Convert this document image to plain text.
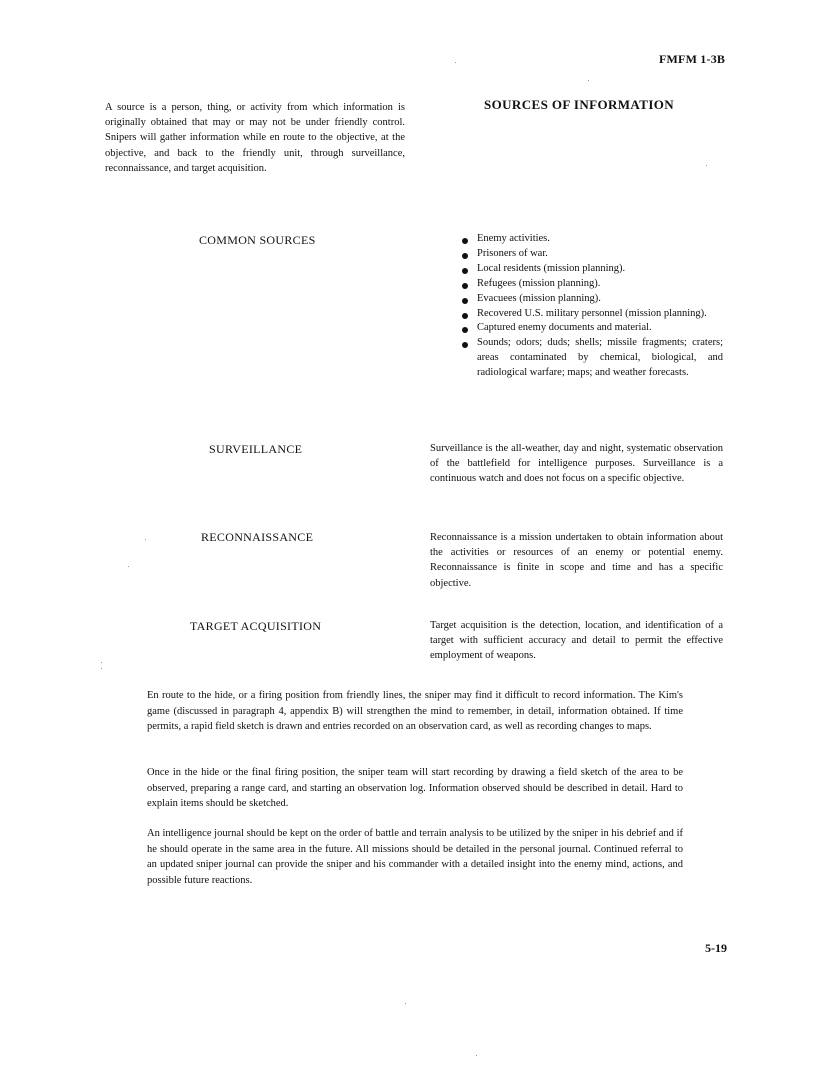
FMFM 1-3B
SOURCES OF INFORMATION

A source is a person, thing, or activity from which information is originally obtained that may or may not be under friendly control. Snipers will gather information while en route to the objective, at the objective, and back to the friendly unit, through surveillance, reconnaissance, and target acquisition.

COMMON SOURCES	Enemy activities.
Prisoners of war.
Local residents (mission planning).
Refugees (mission planning).
Evacuees (mission planning).
Recovered U.S. military personnel (mission planning).
Captured enemy documents and material.
Sounds; odors; duds; shells; missile fragments; craters; areas contaminated by chemical, biological, and radiological warfare; maps; and weather forecasts.
SURVEILLANCE	Surveillance is the all-weather, day and night, systematic observation of the battlefield for intelligence purposes. Surveillance is a continuous watch and does not focus on a specific objective.

RECONNAISSANCE	Reconnaissance is a mission undertaken to obtain information about the activities or resources of an enemy or potential enemy. Reconnaissance is finite in scope and time and has a specific objective.

TARGET ACQUISITION	Target acquisition is the detection, location, and identification of a target with sufficient accuracy and detail to permit the effective employment of weapons.

En route to the hide, or a firing position from friendly lines, the sniper may find it difficult to record information. The Kim's game (discussed in paragraph 4, appendix B) will strengthen the mind to remember, in detail, information obtained. If time permits, a rapid field sketch is drawn and entries recorded on an observation card, as well as recording changes to maps.

Once in the hide or the final firing position, the sniper team will start recording by drawing a field sketch of the area to be observed, preparing a range card, and starting an observation log. Information observed should be described in detail. Hard to explain items should be sketched.

An intelligence journal should be kept on the order of battle and terrain analysis to be utilized by the sniper in his debrief and if he should operate in the same area in the future. All missions should be detailed in the personal journal. Continued referral to an updated sniper journal can provide the sniper and his commander with a detailed insight into the enemy mind, actions, and possible future reactions.

5-19
